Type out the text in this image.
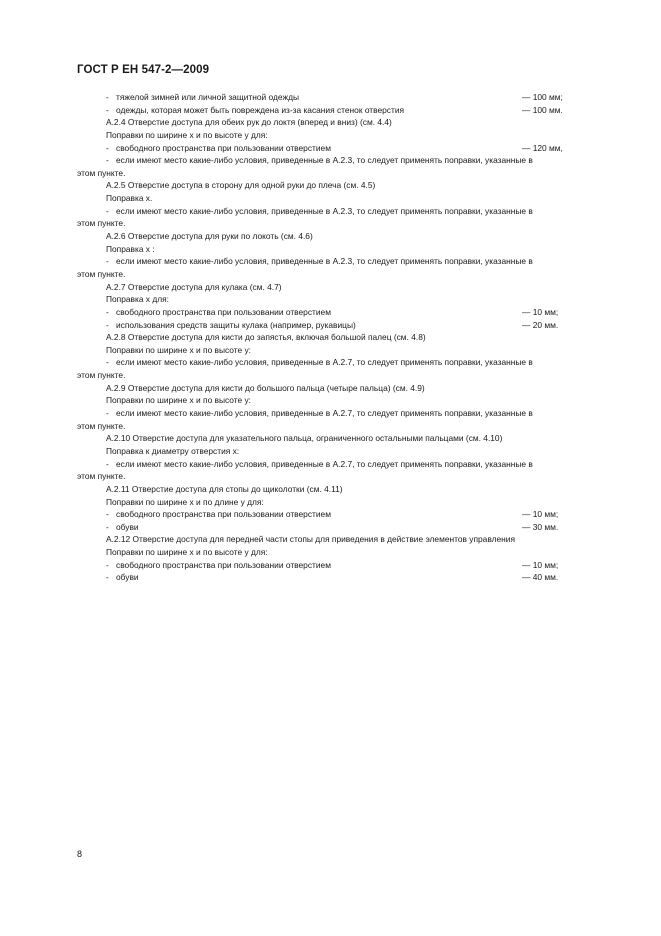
ГОСТ Р ЕН 547-2—2009
- тяжелой зимней или личной защитной одежды	— 100 мм;
- одежды, которая может быть повреждена из-за касания стенок отверстия	— 100 мм.
А.2.4 Отверстие доступа для обеих рук до локтя (вперед и вниз) (см. 4.4)
Поправки по ширине x и по высоте y для:
- свободного пространства при пользовании отверстием	— 120 мм,
- если имеют место какие-либо условия, приведенные в А.2.3, то следует применять поправки, указанные в
этом пункте.
А.2.5 Отверстие доступа в сторону для одной руки до плеча (см. 4.5)
Поправка x.
- если имеют место какие-либо условия, приведенные в А.2.3, то следует применять поправки, указанные в
этом пункте.
А.2.6 Отверстие доступа для руки по локоть (см. 4.6)
Поправка x :
- если имеют место какие-либо условия, приведенные в А.2.3, то следует применять поправки, указанные в
этом пункте.
А.2.7 Отверстие доступа для кулака (см. 4.7)
Поправка x для:
- свободного пространства при пользовании отверстием	— 10 мм;
- использования средств защиты кулака (например, рукавицы)	— 20 мм.
А.2.8 Отверстие доступа для кисти до запястья, включая большой палец (см. 4.8)
Поправки по ширине x и по высоте y:
- если имеют место какие-либо условия, приведенные в А.2.7, то следует применять поправки, указанные в
этом пункте.
А.2.9 Отверстие доступа для кисти до большого пальца (четыре пальца) (см. 4.9)
Поправки по ширине x и по высоте y:
- если имеют место какие-либо условия, приведенные в А.2.7, то следует применять поправки, указанные в
этом пункте.
А.2.10 Отверстие доступа для указательного пальца, ограниченного остальными пальцами (см. 4.10)
Поправка к диаметру отверстия x:
- если имеют место какие-либо условия, приведенные в А.2.7, то следует применять поправки, указанные в
этом пункте.
А.2.11 Отверстие доступа для стопы до щиколотки (см. 4.11)
Поправки по ширине x и по длине y для:
- свободного пространства при пользовании отверстием	— 10 мм;
- обуви	— 30 мм.
А.2.12 Отверстие доступа для передней части стопы для приведения в действие элементов управления
Поправки по ширине x и по высоте y для:
- свободного пространства при пользовании отверстием	— 10 мм;
- обуви	— 40 мм.
8
